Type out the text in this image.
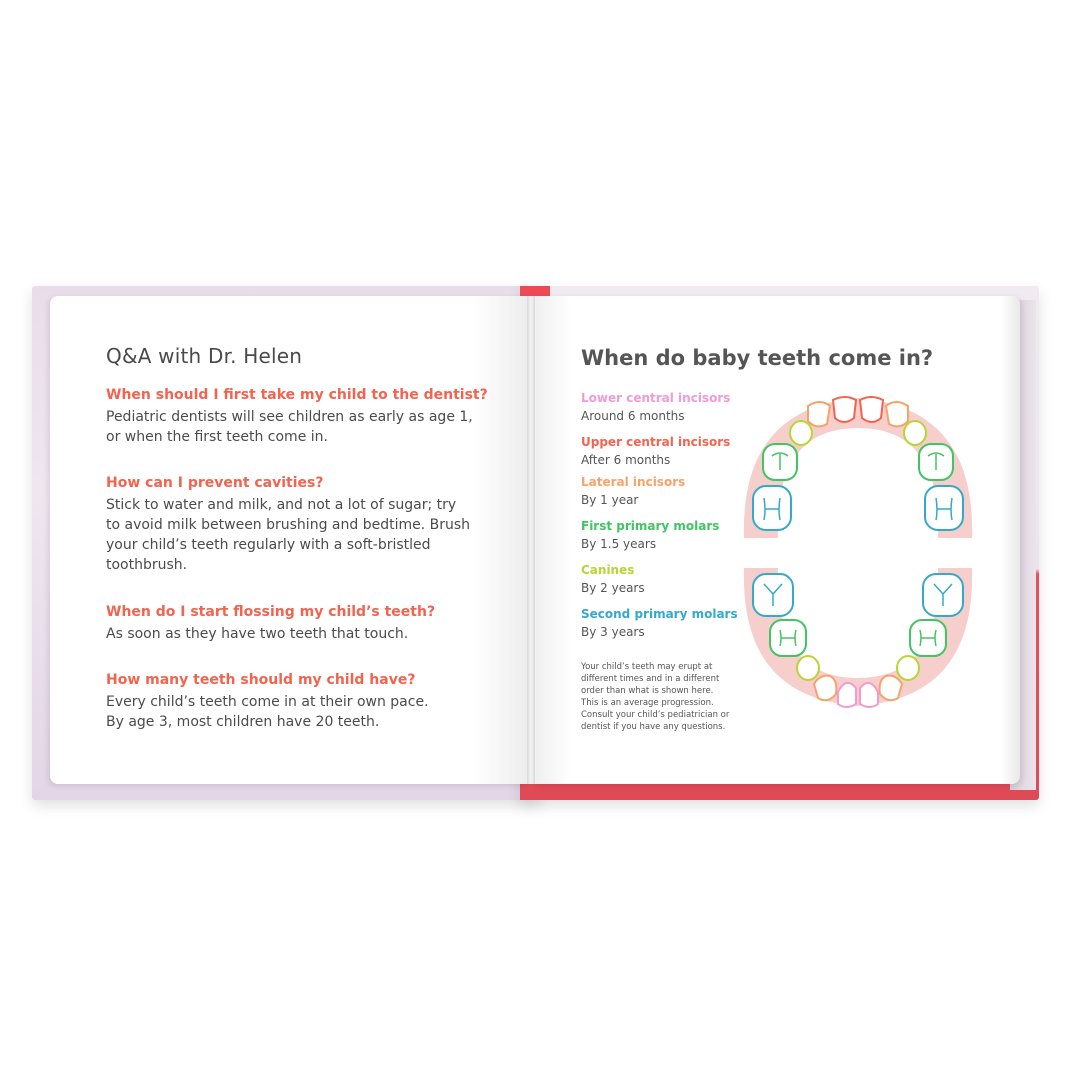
Q&A with Dr. Helen

When should I first take my child to the dentist?

Pediatric dentists will see children as early as age 1,

or when the first teeth come in.

How can I prevent cavities?

Stick to water and milk, and not a lot of sugar; try

to avoid milk between brushing and bedtime. Brush

your child’s teeth regularly with a soft-bristled

toothbrush.

When do I start flossing my child’s teeth?

As soon as they have two teeth that touch.

How many teeth should my child have?

Every child’s teeth come in at their own pace.

By age 3, most children have 20 teeth.

When do baby teeth come in?

Lower central incisors

Around 6 months

Upper central incisors

After 6 months

Lateral incisors

By 1 year

First primary molars

By 1.5 years

Canines

By 2 years

Second primary molars

By 3 years

Your child’s teeth may erupt at
different times and in a different
order than what is shown here.
This is an average progression.
Consult your child’s pediatrician or
dentist if you have any questions.
